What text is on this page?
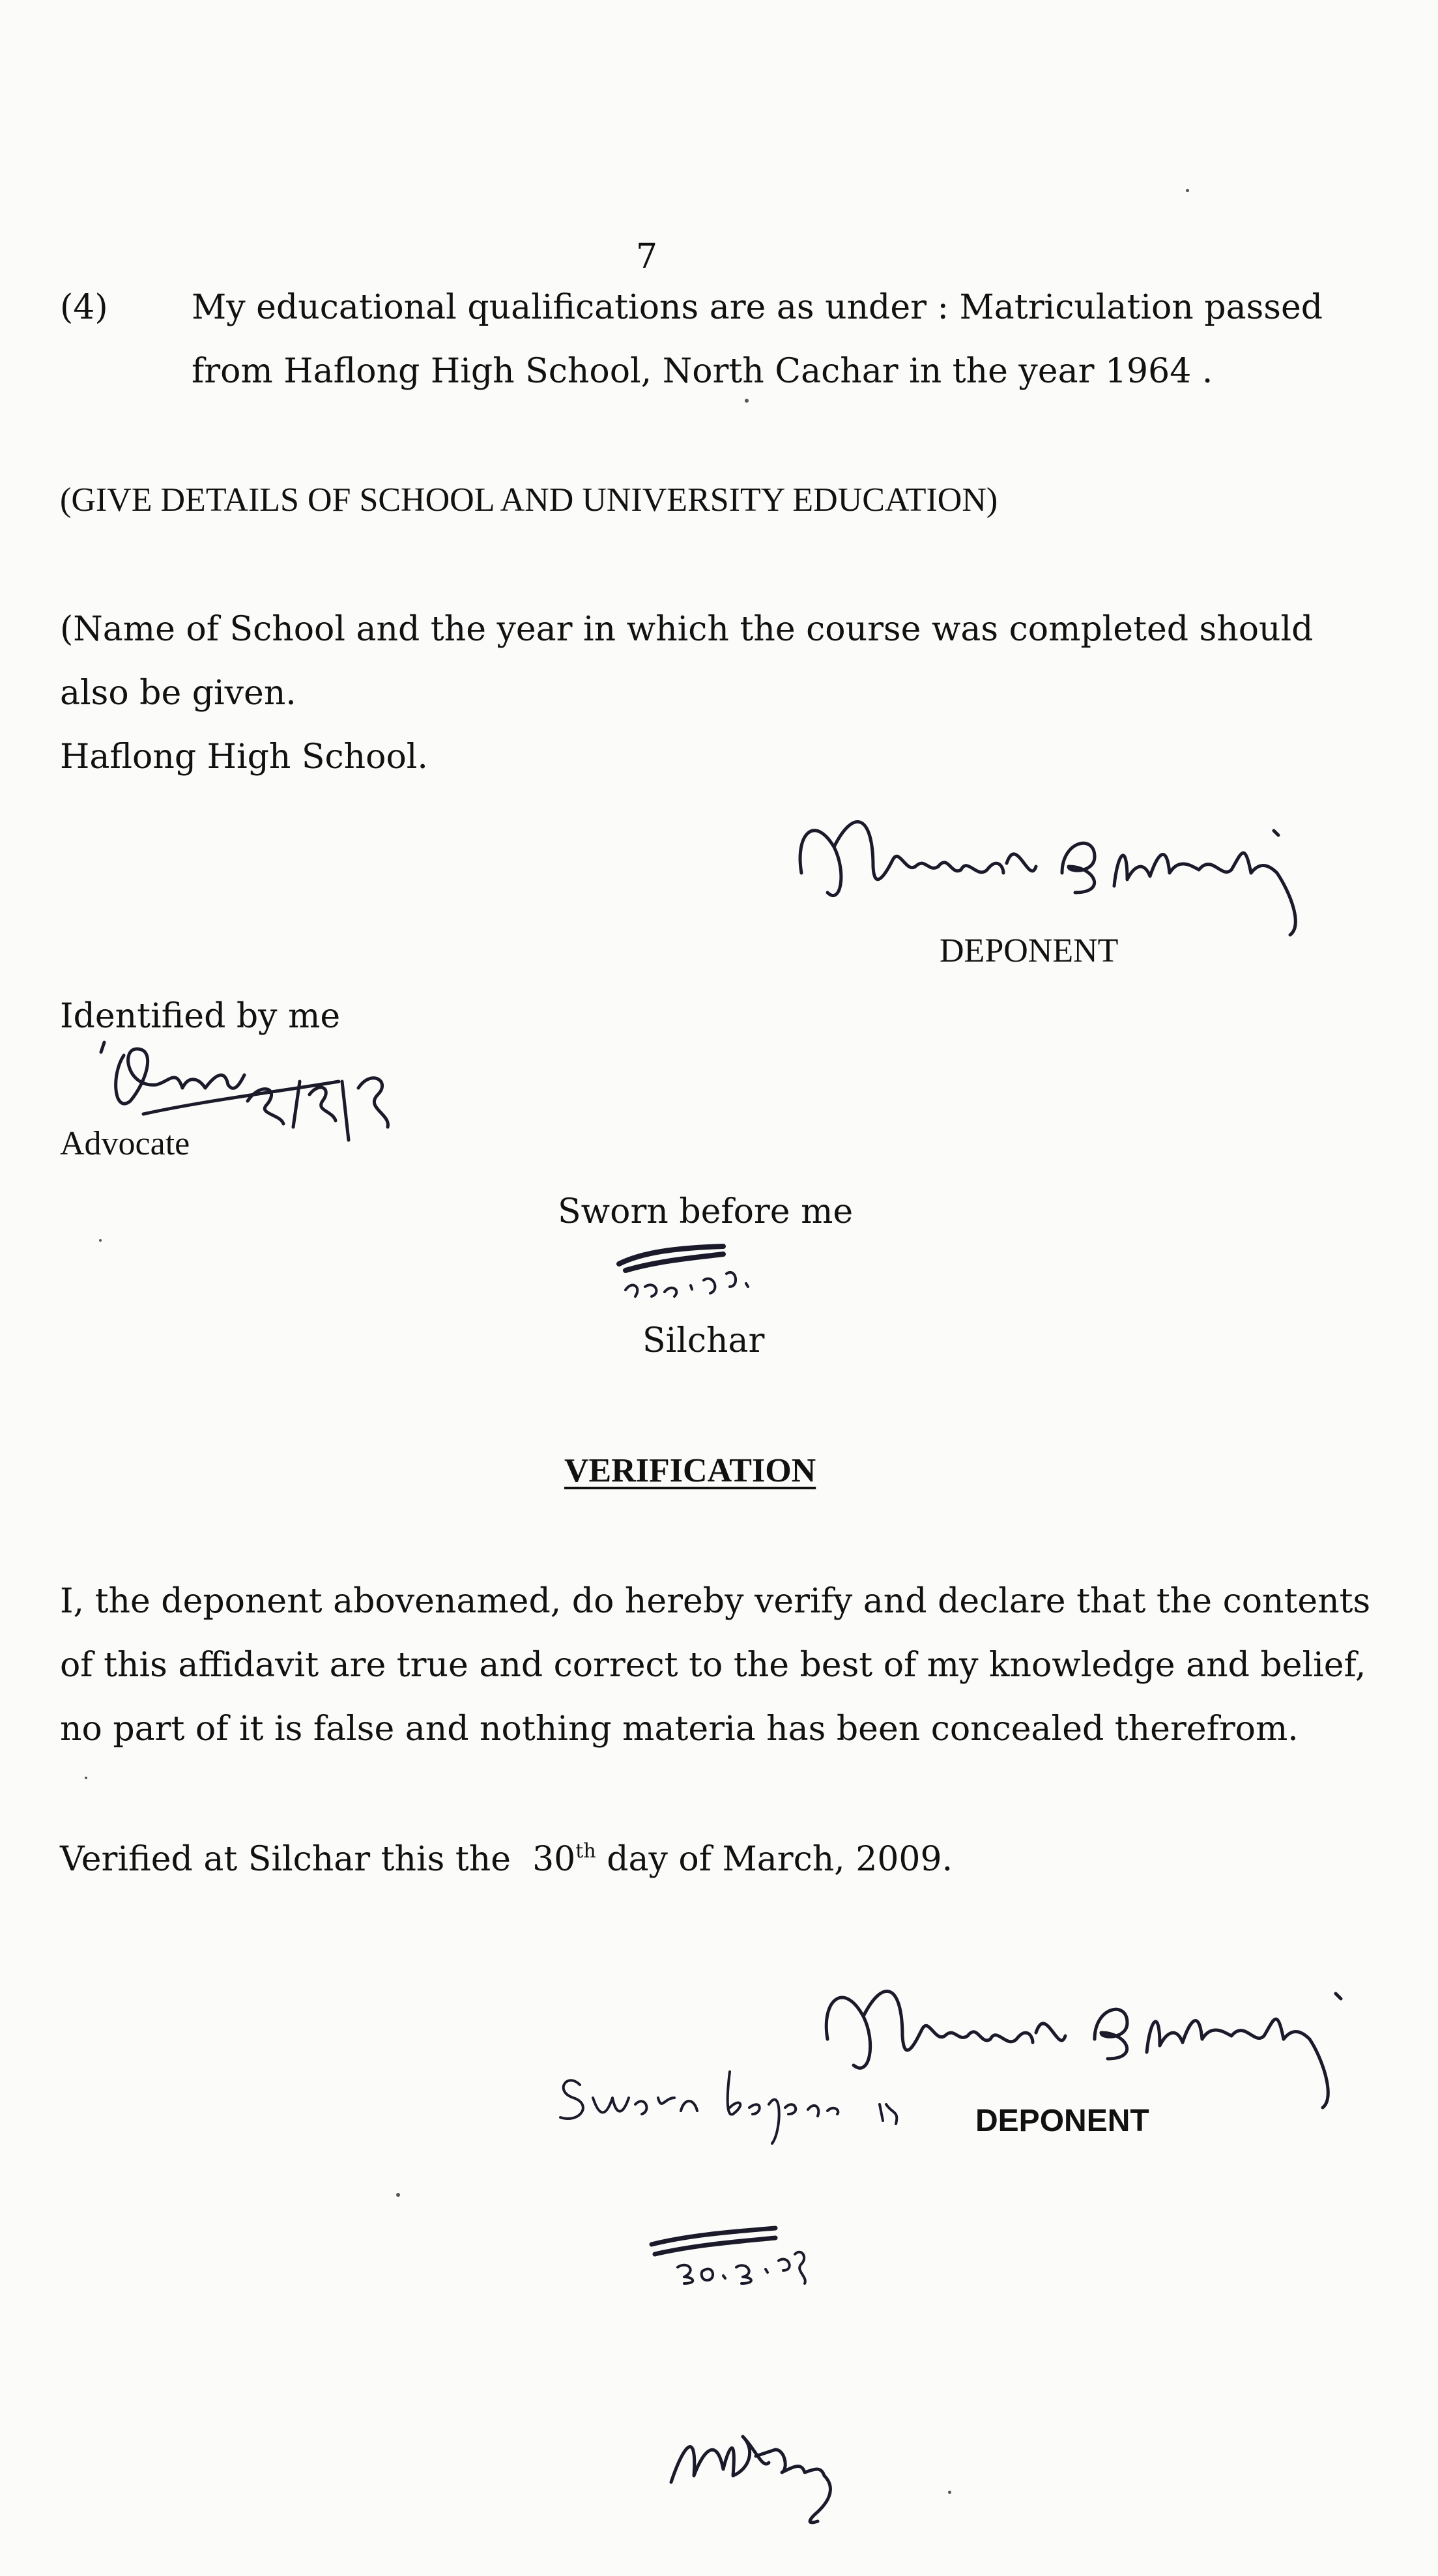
7
(4) My educational qualifications are as under : Matriculation passed
from Haflong High School, North Cachar in the year 1964 .
(GIVE DETAILS OF SCHOOL AND UNIVERSITY EDUCATION)
(Name of School and the year in which the course was completed should
also be given.
Haflong High School.
DEPONENT
Identified by me
Advocate
Sworn before me
Silchar
VERIFICATION
I, the deponent abovenamed, do hereby verify and declare that the contents
of this affidavit are true and correct to the best of my knowledge and belief,
no part of it is false and nothing materia has been concealed therefrom.
Verified at Silchar this the 30th day of March, 2009.
DEPONENT
